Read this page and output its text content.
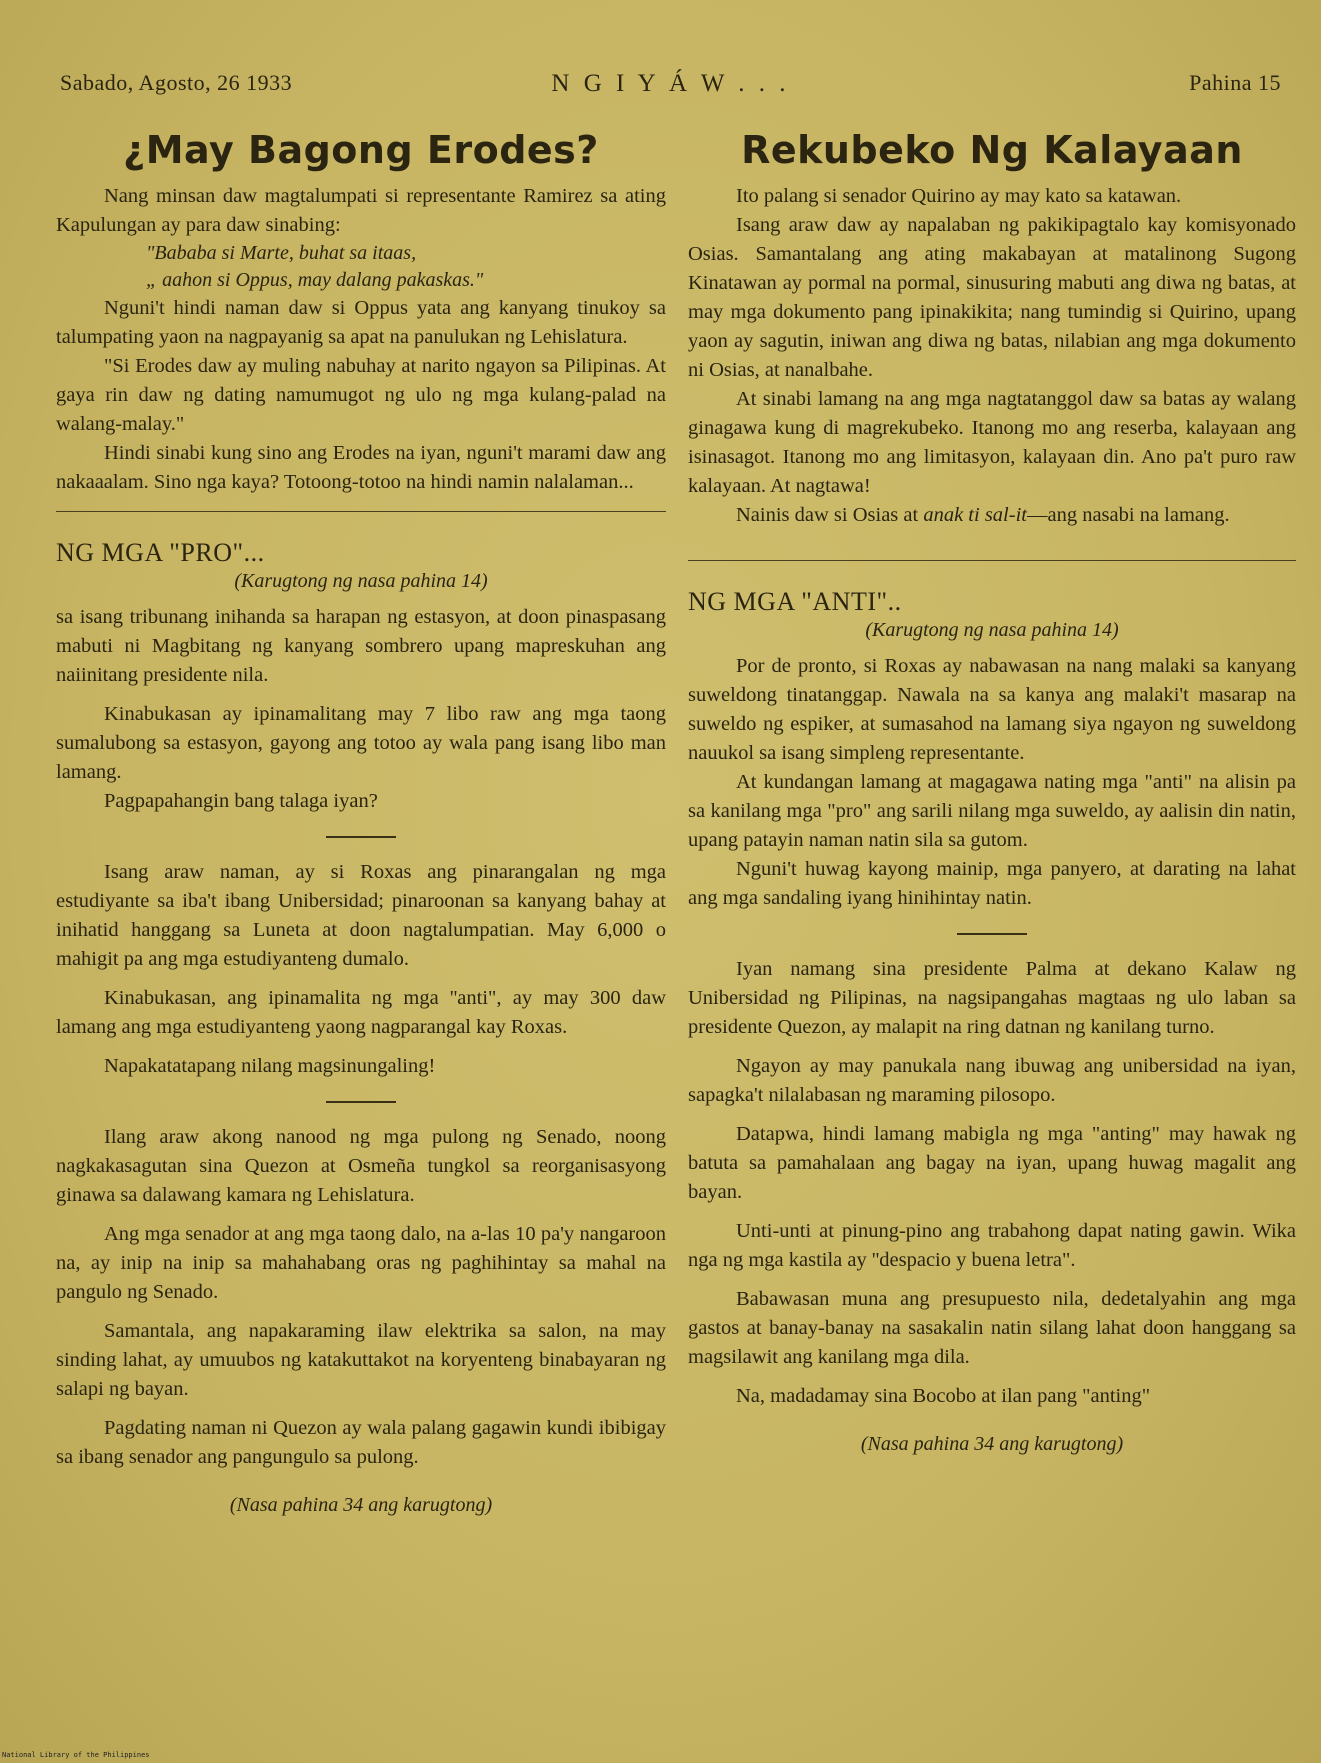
Sabado, Agosto, 26 1933	N G I Y Á W . . .	Pahina 15
¿May Bagong Erodes?

Nang minsan daw magtalumpati si representante Ramirez sa ating Kapulungan ay para daw sinabing:

"Bababa si Marte, buhat sa itaas,
„ aahon si Oppus, may dalang pakaskas."

Nguni't hindi naman daw si Oppus yata ang kanyang tinukoy sa talumpating yaon na nagpayanig sa apat na panulukan ng Lehislatura.

"Si Erodes daw ay muling nabuhay at narito ngayon sa Pilipinas. At gaya rin daw ng dating namumugot ng ulo ng mga kulang-palad na walang-malay."

Hindi sinabi kung sino ang Erodes na iyan, nguni't marami daw ang nakaaalam. Sino nga kaya? Totoong-totoo na hindi namin nalalaman...

NG MGA "PRO"...
(Karugtong ng nasa pahina 14)

sa isang tribunang inihanda sa harapan ng estasyon, at doon pinaspasang mabuti ni Magbitang ng kanyang sombrero upang mapreskuhan ang naiinitang presidente nila.

Kinabukasan ay ipinamalitang may 7 libo raw ang mga taong sumalubong sa estasyon, gayong ang totoo ay wala pang isang libo man lamang.

Pagpapahangin bang talaga iyan?

Isang araw naman, ay si Roxas ang pinarangalan ng mga estudiyante sa iba't ibang Unibersidad; pinaroonan sa kanyang bahay at inihatid hanggang sa Luneta at doon nagtalumpatian. May 6,000 o mahigit pa ang mga estudiyanteng dumalo.

Kinabukasan, ang ipinamalita ng mga ''anti", ay may 300 daw lamang ang mga estudiyanteng yaong nagparangal kay Roxas.

Napakatatapang nilang magsinungaling!

Ilang araw akong nanood ng mga pulong ng Senado, noong nagkakasagutan sina Quezon at Osmeña tungkol sa reorganisasyong ginawa sa dalawang kamara ng Lehislatura.

Ang mga senador at ang mga taong dalo, na a-las 10 pa'y nangaroon na, ay inip na inip sa mahahabang oras ng paghihintay sa mahal na pangulo ng Senado.

Samantala, ang napakaraming ilaw elektrika sa salon, na may sinding lahat, ay umuubos ng katakuttakot na koryenteng binabayaran ng salapi ng bayan.

Pagdating naman ni Quezon ay wala palang gagawin kundi ibibigay sa ibang senador ang pangungulo sa pulong.

(Nasa pahina 34 ang karugtong)
Rekubeko Ng Kalayaan

Ito palang si senador Quirino ay may kato sa katawan.

Isang araw daw ay napalaban ng pakikipagtalo kay komisyonado Osias. Samantalang ang ating makabayan at matalinong Sugong Kinatawan ay pormal na pormal, sinusuring mabuti ang diwa ng batas, at may mga dokumento pang ipinakikita; nang tumindig si Quirino, upang yaon ay sagutin, iniwan ang diwa ng batas, nilabian ang mga dokumento ni Osias, at nanalbahe.

At sinabi lamang na ang mga nagtatanggol daw sa batas ay walang ginagawa kung di magrekubeko. Itanong mo ang reserba, kalayaan ang isinasagot. Itanong mo ang limitasyon, kalayaan din. Ano pa't puro raw kalayaan. At nagtawa!

Nainis daw si Osias at anak ti sal-it—ang nasabi na lamang.

NG MGA "ANTI"..
(Karugtong ng nasa pahina 14)

Por de pronto, si Roxas ay nabawasan na nang malaki sa kanyang suweldong tinatanggap. Nawala na sa kanya ang malaki't masarap na suweldo ng espiker, at sumasahod na lamang siya ngayon ng suweldong nauukol sa isang simpleng representante.

At kundangan lamang at magagawa nating mga "anti" na alisin pa sa kanilang mga "pro" ang sarili nilang mga suweldo, ay aalisin din natin, upang patayin naman natin sila sa gutom.

Nguni't huwag kayong mainip, mga panyero, at darating na lahat ang mga sandaling iyang hinihintay natin.

Iyan namang sina presidente Palma at dekano Kalaw ng Unibersidad ng Pilipinas, na nagsipangahas magtaas ng ulo laban sa presidente Quezon, ay malapit na ring datnan ng kanilang turno.

Ngayon ay may panukala nang ibuwag ang unibersidad na iyan, sapagka't nilalabasan ng maraming pilosopo.

Datapwa, hindi lamang mabigla ng mga "anting" may hawak ng batuta sa pamahalaan ang bagay na iyan, upang huwag magalit ang bayan.

Unti-unti at pinung-pino ang trabahong dapat nating gawin. Wika nga ng mga kastila ay ''despacio y buena letra".

Babawasan muna ang presupuesto nila, dedetalyahin ang mga gastos at banay-banay na sasakalin natin silang lahat doon hanggang sa magsilawit ang kanilang mga dila.

Na, madadamay sina Bocobo at ilan pang "anting"

(Nasa pahina 34 ang karugtong)
National Library of the Philippines
